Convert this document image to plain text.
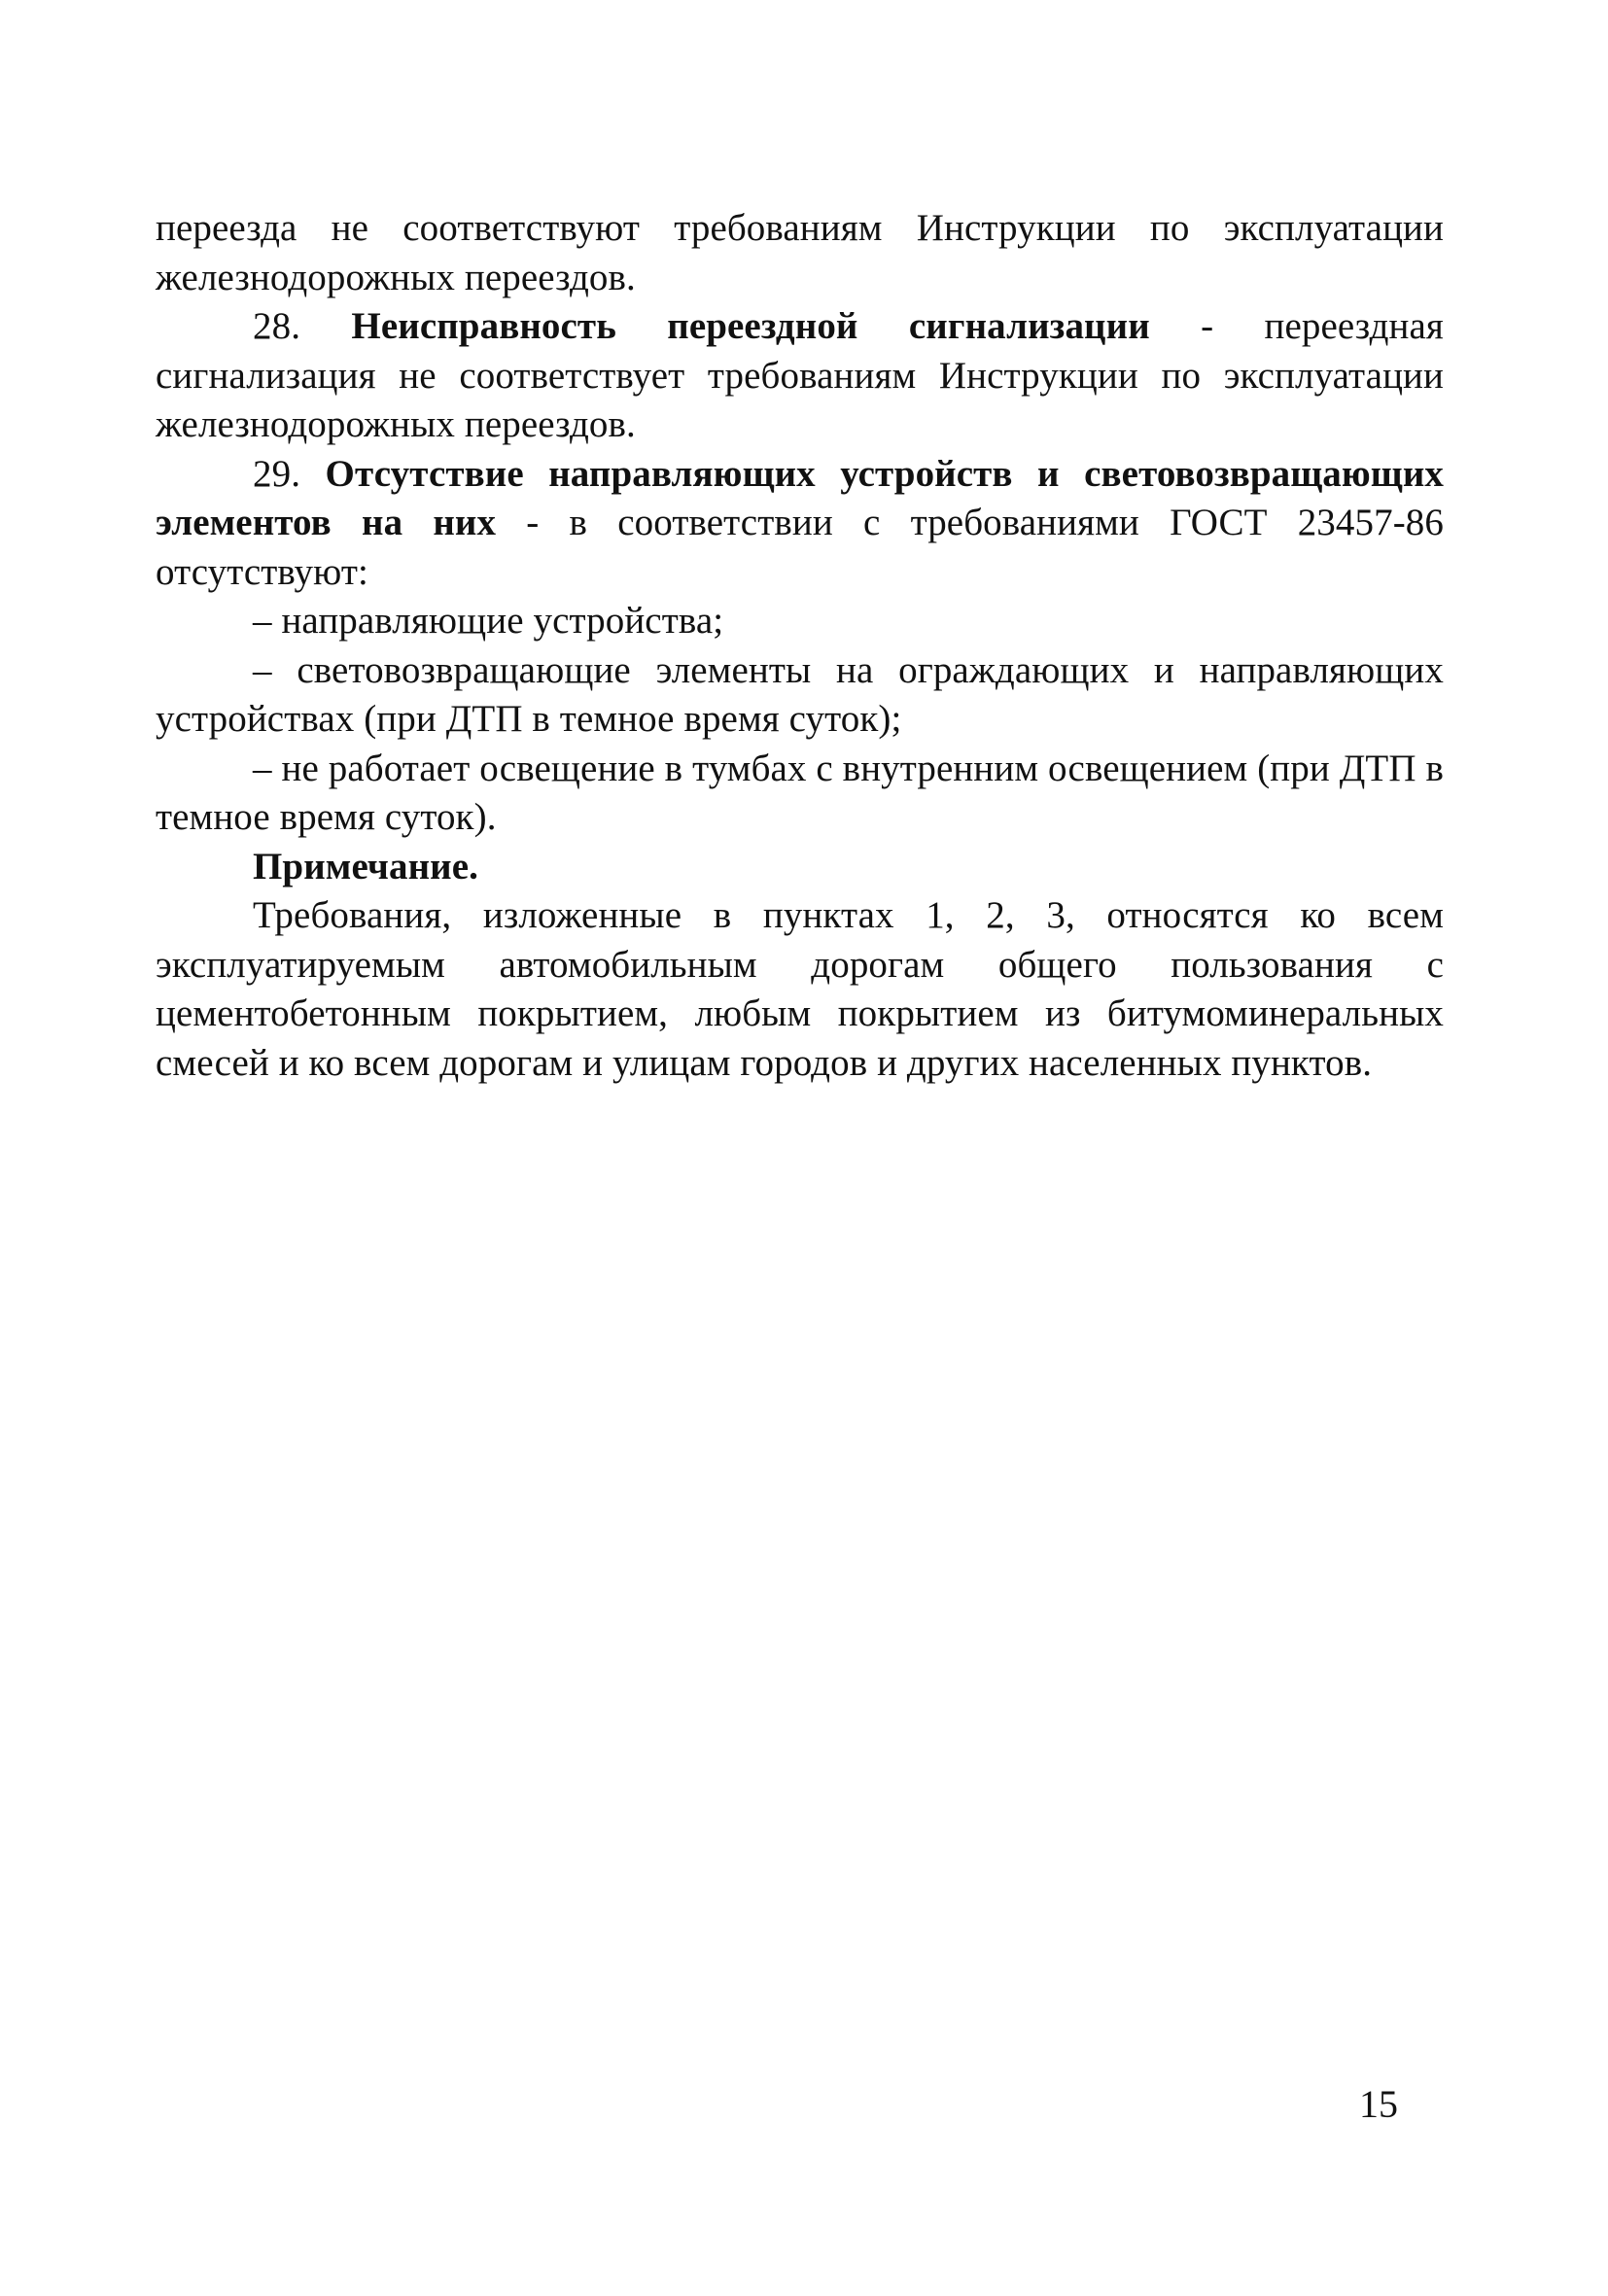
переезда не соответствуют требованиям Инструкции по эксплуатации железнодорожных переездов.

28. Неисправность переездной сигнализации - переездная сигнализация не соответствует требованиям Инструкции по эксплуатации железнодорожных переездов.

29. Отсутствие направляющих устройств и световозвращающих элементов на них - в соответствии с требованиями ГОСТ 23457-86 отсутствуют:

– направляющие устройства;

– световозвращающие элементы на ограждающих и направляющих устройствах (при ДТП в темное время суток);

– не работает освещение в тумбах с внутренним освещением (при ДТП в темное время суток).

Примечание.

Требования, изложенные в пунктах 1, 2, 3, относятся ко всем эксплуатируемым автомобильным дорогам общего пользования с цементобетонным покрытием, любым покрытием из битумоминеральных смесей и ко всем дорогам и улицам городов и других населенных пунктов.

15
